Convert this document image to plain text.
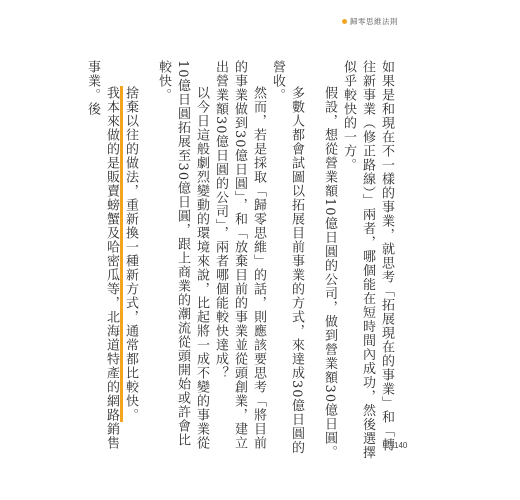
歸零思維法則

如果是和現在不一樣的事業，就思考「拓展現在的事業」和「轉往新事業（修正路線）」兩者，哪個能在短時間內成功，然後選擇似乎較快的一方。

假設，想從營業額10億日圓的公司，做到營業額30億日圓。

多數人都會試圖以拓展目前事業的方式，來達成30億日圓的營收。

然而，若是採取「歸零思維」的話，則應該要思考「將目前的事業做到30億日圓」，和「放棄目前的事業並從頭創業，建立出營業額30億日圓的公司」，兩者哪個能較快達成？

以今日這般劇烈變動的環境來說，比起將一成不變的事業從10億日圓拓展至30億日圓，跟上商業的潮流從頭開始或許會比較快。

捨棄以往的做法，重新換一種新方式，通常都比較快。

我本來做的是販賣螃蟹及哈密瓜等，北海道特產的網路銷售事業。後

140
